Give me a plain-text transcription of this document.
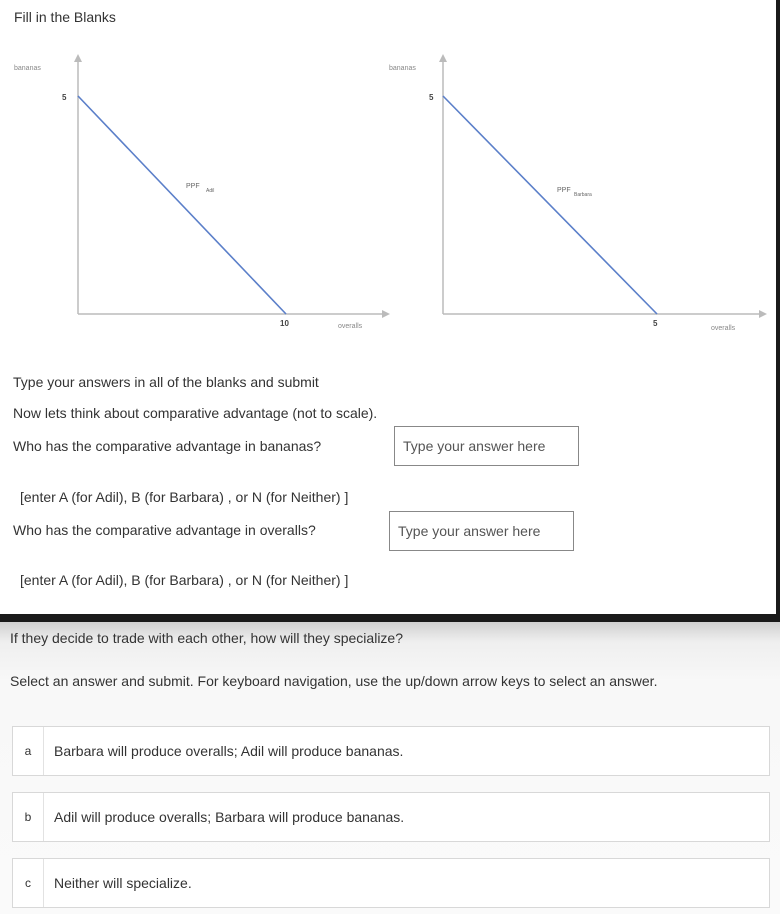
Fill in the Blanks
bananas
5
10	overalls
PPF
Adil
bananas
5
5
overalls
PPF
Barbara
Type your answers in all of the blanks and submit
Now lets think about comparative advantage (not to scale).
Who has the comparative advantage in bananas?	Type your answer here
[enter A (for Adil), B (for Barbara) , or N (for Neither) ]
Who has the comparative advantage in overalls?	Type your answer here
[enter A (for Adil), B (for Barbara) , or N (for Neither) ]
If they decide to trade with each other, how will they specialize?
Select an answer and submit. For keyboard navigation, use the up/down arrow keys to select an answer.
a	Barbara will produce overalls; Adil will produce bananas.
b	Adil will produce overalls; Barbara will produce bananas.
c	Neither will specialize.
